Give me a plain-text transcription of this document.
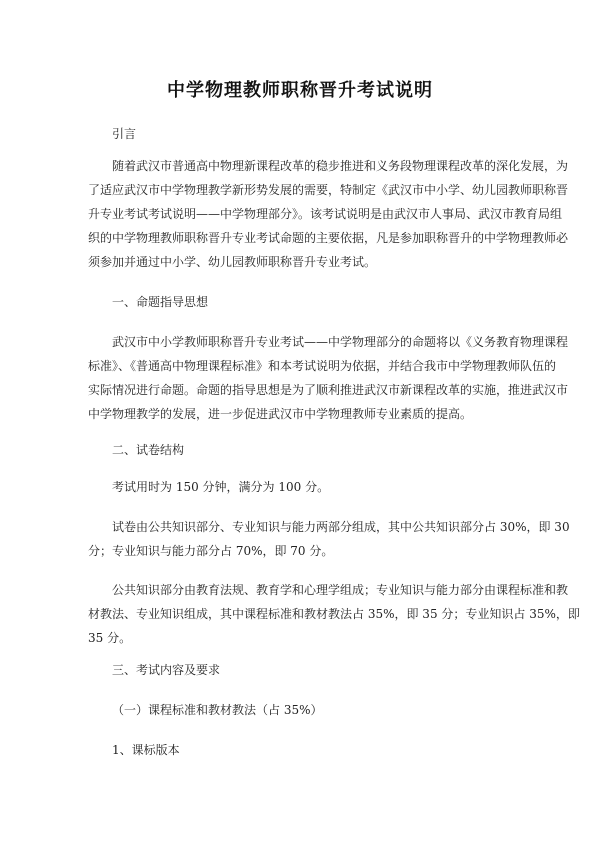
中学物理教师职称晋升考试说明
引言
随着武汉市普通高中物理新课程改革的稳步推进和义务段物理课程改革的深化发展，为
了适应武汉市中学物理教学新形势发展的需要，特制定《武汉市中小学、幼儿园教师职称晋
升专业考试考试说明——中学物理部分》。该考试说明是由武汉市人事局、武汉市教育局组
织的中学物理教师职称晋升专业考试命题的主要依据，凡是参加职称晋升的中学物理教师必
须参加并通过中小学、幼儿园教师职称晋升专业考试。
一、命题指导思想
武汉市中小学教师职称晋升专业考试——中学物理部分的命题将以《义务教育物理课程
标准》、《普通高中物理课程标准》和本考试说明为依据，并结合我市中学物理教师队伍的
实际情况进行命题。命题的指导思想是为了顺利推进武汉市新课程改革的实施，推进武汉市
中学物理教学的发展，进一步促进武汉市中学物理教师专业素质的提高。
二、试卷结构
考试用时为 150 分钟，满分为 100 分。
试卷由公共知识部分、专业知识与能力两部分组成，其中公共知识部分占 30%，即 30
分；专业知识与能力部分占 70%，即 70 分。
公共知识部分由教育法规、教育学和心理学组成；专业知识与能力部分由课程标准和教
材教法、专业知识组成，其中课程标准和教材教法占 35%，即 35 分；专业知识占 35%，即
35 分。
三、考试内容及要求
（一）课程标准和教材教法（占 35%）
1、课标版本
